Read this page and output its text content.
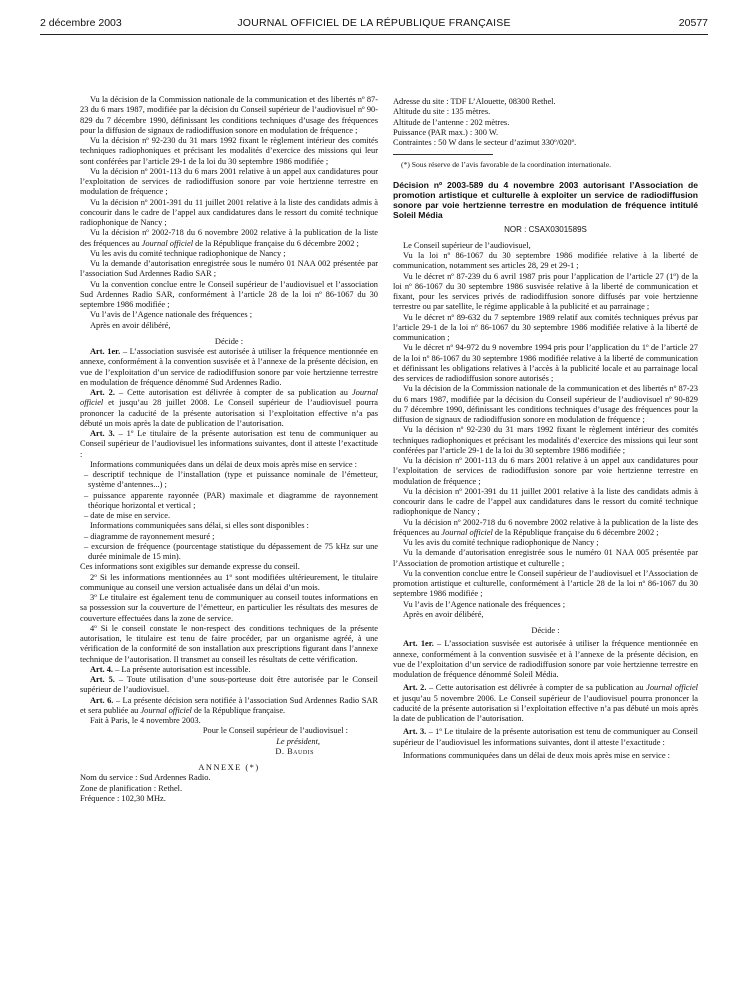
2 décembre 2003	JOURNAL OFFICIEL DE LA RÉPUBLIQUE FRANÇAISE	20577

Vu la décision de la Commission nationale de la communication et des libertés nº 87-23 du 6 mars 1987, modifiée par la décision du Conseil supérieur de l’audiovisuel nº 90-829 du 7 décembre 1990, définissant les conditions techniques d’usage des fréquences pour la diffusion de signaux de radiodiffusion sonore en modulation de fréquence ;

Vu la décision nº 92-230 du 31 mars 1992 fixant le règlement intérieur des comités techniques radiophoniques et précisant les modalités d’exercice des missions qui leur sont conférées par l’article 29-1 de la loi du 30 septembre 1986 modifiée ;

Vu la décision nº 2001-113 du 6 mars 2001 relative à un appel aux candidatures pour l’exploitation de services de radiodiffusion sonore par voie hertzienne terrestre en modulation de fréquence ;

Vu la décision nº 2001-391 du 11 juillet 2001 relative à la liste des candidats admis à concourir dans le cadre de l’appel aux candidatures dans le ressort du comité technique radiophonique de Nancy ;

Vu la décision nº 2002-718 du 6 novembre 2002 relative à la publication de la liste des fréquences au Journal officiel de la République française du 6 décembre 2002 ;

Vu les avis du comité technique radiophonique de Nancy ;

Vu la demande d’autorisation enregistrée sous le numéro 01 NAA 002 présentée par l’association Sud Ardennes Radio SAR ;

Vu la convention conclue entre le Conseil supérieur de l’audiovisuel et l’association Sud Ardennes Radio SAR, conformément à l’article 28 de la loi nº 86-1067 du 30 septembre 1986 modifiée ;

Vu l’avis de l’Agence nationale des fréquences ;

Après en avoir délibéré,

Décide :

Art. 1er. – L’association susvisée est autorisée à utiliser la fréquence mentionnée en annexe, conformément à la convention susvisée et à l’annexe de la présente décision, en vue de l’exploitation d’un service de radiodiffusion sonore par voie hertzienne terrestre en modulation de fréquence dénommé Sud Ardennes Radio.

Art. 2. – Cette autorisation est délivrée à compter de sa publication au Journal officiel et jusqu’au 28 juillet 2008. Le Conseil supérieur de l’audiovisuel pourra prononcer la caducité de la présente autorisation si l’exploitation effective n’a pas débuté un mois après la date de publication de l’autorisation.

Art. 3. – 1º Le titulaire de la présente autorisation est tenu de communiquer au Conseil supérieur de l’audiovisuel les informations suivantes, dont il atteste l’exactitude :

Informations communiquées dans un délai de deux mois après mise en service :

– descriptif technique de l’installation (type et puissance nominale de l’émetteur, système d’antennes...) ;

– puissance apparente rayonnée (PAR) maximale et diagramme de rayonnement théorique horizontal et vertical ;

– date de mise en service.

Informations communiquées sans délai, si elles sont disponibles :

– diagramme de rayonnement mesuré ;

– excursion de fréquence (pourcentage statistique du dépassement de 75 kHz sur une durée minimale de 15 min).

Ces informations sont exigibles sur demande expresse du conseil.

2º Si les informations mentionnées au 1º sont modifiées ultérieurement, le titulaire communique au conseil une version actualisée dans un délai d’un mois.

3º Le titulaire est également tenu de communiquer au conseil toutes informations en sa possession sur la couverture de l’émetteur, en particulier les résultats des mesures de couverture effectuées dans la zone de service.

4º Si le conseil constate le non-respect des conditions techniques de la présente autorisation, le titulaire est tenu de faire procéder, par un organisme agréé, à une vérification de la conformité de son installation aux prescriptions figurant dans l’annexe technique de l’autorisation. Il transmet au conseil les résultats de cette vérification.

Art. 4. – La présente autorisation est incessible.

Art. 5. – Toute utilisation d’une sous-porteuse doit être autorisée par le Conseil supérieur de l’audiovisuel.

Art. 6. – La présente décision sera notifiée à l’association Sud Ardennes Radio SAR et sera publiée au Journal officiel de la République française.

Fait à Paris, le 4 novembre 2003.

Pour le Conseil supérieur de l’audiovisuel :

Le président,

D. Baudis

ANNEXE (*)

Nom du service : Sud Ardennes Radio.

Zone de planification : Rethel.

Fréquence : 102,30 MHz.

Adresse du site : TDF L’Alouette, 08300 Rethel.

Altitude du site : 135 mètres.

Altitude de l’antenne : 202 mètres.

Puissance (PAR max.) : 300 W.

Contraintes : 50 W dans le secteur d’azimut 330º/020º.

(*) Sous réserve de l’avis favorable de la coordination internationale.

Décision nº 2003-589 du 4 novembre 2003 autorisant l’Association de promotion artistique et culturelle à exploiter un service de radiodiffusion sonore par voie hertzienne terrestre en modulation de fréquence intitulé Soleil Média

NOR : CSAX0301589S

Le Conseil supérieur de l’audiovisuel,

Vu la loi nº 86-1067 du 30 septembre 1986 modifiée relative à la liberté de communication, notamment ses articles 28, 29 et 29-1 ;

Vu le décret nº 87-239 du 6 avril 1987 pris pour l’application de l’article 27 (1º) de la loi nº 86-1067 du 30 septembre 1986 susvisée relative à la liberté de communication et fixant, pour les services privés de radiodiffusion sonore diffusés par voie hertzienne terrestre ou par satellite, le régime applicable à la publicité et au parrainage ;

Vu le décret nº 89-632 du 7 septembre 1989 relatif aux comités techniques prévus par l’article 29-1 de la loi nº 86-1067 du 30 septembre 1986 modifiée relative à la liberté de communication ;

Vu le décret nº 94-972 du 9 novembre 1994 pris pour l’application du 1º de l’article 27 de la loi nº 86-1067 du 30 septembre 1986 modifiée relative à la liberté de communication et définissant les obligations relatives à l’accès à la publicité locale et au parrainage local des services de radiodiffusion sonore autorisés ;

Vu la décision de la Commission nationale de la communication et des libertés nº 87-23 du 6 mars 1987, modifiée par la décision du Conseil supérieur de l’audiovisuel nº 90-829 du 7 décembre 1990, définissant les conditions techniques d’usage des fréquences pour la diffusion de signaux de radiodiffusion sonore en modulation de fréquence ;

Vu la décision nº 92-230 du 31 mars 1992 fixant le règlement intérieur des comités techniques radiophoniques et précisant les modalités d’exercice des missions qui leur sont conférées par l’article 29-1 de la loi du 30 septembre 1986 modifiée ;

Vu la décision nº 2001-113 du 6 mars 2001 relative à un appel aux candidatures pour l’exploitation de services de radiodiffusion sonore par voie hertzienne terrestre en modulation de fréquence ;

Vu la décision nº 2001-391 du 11 juillet 2001 relative à la liste des candidats admis à concourir dans le cadre de l’appel aux candidatures dans le ressort du comité technique radiophonique de Nancy ;

Vu la décision nº 2002-718 du 6 novembre 2002 relative à la publication de la liste des fréquences au Journal officiel de la République française du 6 décembre 2002 ;

Vu les avis du comité technique radiophonique de Nancy ;

Vu la demande d’autorisation enregistrée sous le numéro 01 NAA 005 présentée par l’Association de promotion artistique et culturelle ;

Vu la convention conclue entre le Conseil supérieur de l’audiovisuel et l’Association de promotion artistique et culturelle, conformément à l’article 28 de la loi nº 86-1067 du 30 septembre 1986 modifiée ;

Vu l’avis de l’Agence nationale des fréquences ;

Après en avoir délibéré,

Décide :

Art. 1er. – L’association susvisée est autorisée à utiliser la fréquence mentionnée en annexe, conformément à la convention susvisée et à l’annexe de la présente décision, en vue de l’exploitation d’un service de radiodiffusion sonore par voie hertzienne terrestre en modulation de fréquence dénommé Soleil Média.

Art. 2. – Cette autorisation est délivrée à compter de sa publication au Journal officiel et jusqu’au 5 novembre 2006. Le Conseil supérieur de l’audiovisuel pourra prononcer la caducité de la présente autorisation si l’exploitation effective n’a pas débuté un mois après la date de publication de l’autorisation.

Art. 3. – 1º Le titulaire de la présente autorisation est tenu de communiquer au Conseil supérieur de l’audiovisuel les informations suivantes, dont il atteste l’exactitude :

Informations communiquées dans un délai de deux mois après mise en service :
